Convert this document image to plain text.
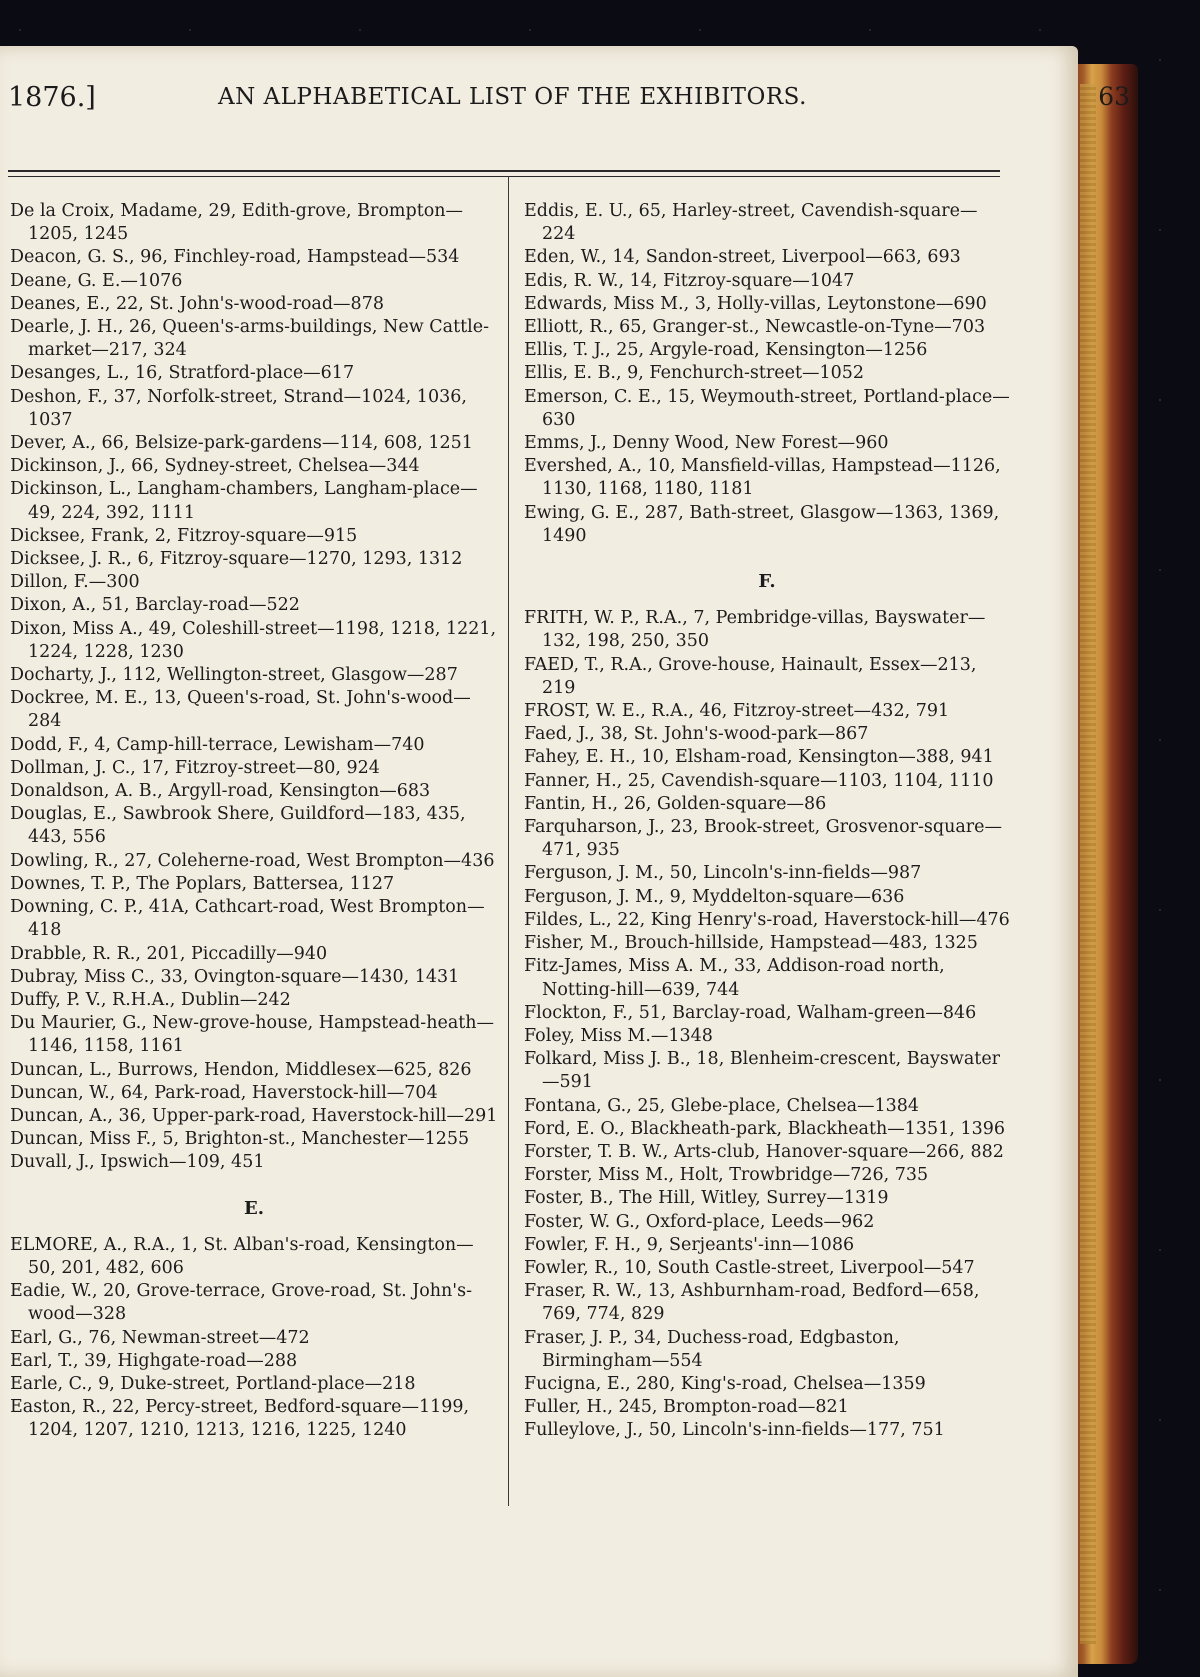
1876.]	AN ALPHABETICAL LIST OF THE EXHIBITORS.	63

De la Croix, Madame, 29, Edith-grove, Brompton—1205, 1245

Deacon, G. S., 96, Finchley-road, Hampstead—534

Deane, G. E.—1076

Deanes, E., 22, St. John's-wood-road—878

Dearle, J. H., 26, Queen's-arms-buildings, New Cattle-market—217, 324

Desanges, L., 16, Stratford-place—617

Deshon, F., 37, Norfolk-street, Strand—1024, 1036, 1037

Dever, A., 66, Belsize-park-gardens—114, 608, 1251

Dickinson, J., 66, Sydney-street, Chelsea—344

Dickinson, L., Langham-chambers, Langham-place—49, 224, 392, 1111

Dicksee, Frank, 2, Fitzroy-square—915

Dicksee, J. R., 6, Fitzroy-square—1270, 1293, 1312

Dillon, F.—300

Dixon, A., 51, Barclay-road—522

Dixon, Miss A., 49, Coleshill-street—1198, 1218, 1221, 1224, 1228, 1230

Docharty, J., 112, Wellington-street, Glasgow—287

Dockree, M. E., 13, Queen's-road, St. John's-wood—284

Dodd, F., 4, Camp-hill-terrace, Lewisham—740

Dollman, J. C., 17, Fitzroy-street—80, 924

Donaldson, A. B., Argyll-road, Kensington—683

Douglas, E., Sawbrook Shere, Guildford—183, 435, 443, 556

Dowling, R., 27, Coleherne-road, West Brompton—436

Downes, T. P., The Poplars, Battersea, 1127

Downing, C. P., 41A, Cathcart-road, West Brompton—418

Drabble, R. R., 201, Piccadilly—940

Dubray, Miss C., 33, Ovington-square—1430, 1431

Duffy, P. V., R.H.A., Dublin—242

Du Maurier, G., New-grove-house, Hampstead-heath—1146, 1158, 1161

Duncan, L., Burrows, Hendon, Middlesex—625, 826

Duncan, W., 64, Park-road, Haverstock-hill—704

Duncan, A., 36, Upper-park-road, Haverstock-hill—291

Duncan, Miss F., 5, Brighton-st., Manchester—1255

Duvall, J., Ipswich—109, 451

E.

ELMORE, A., R.A., 1, St. Alban's-road, Kensington—50, 201, 482, 606

Eadie, W., 20, Grove-terrace, Grove-road, St. John's-wood—328

Earl, G., 76, Newman-street—472

Earl, T., 39, Highgate-road—288

Earle, C., 9, Duke-street, Portland-place—218

Easton, R., 22, Percy-street, Bedford-square—1199, 1204, 1207, 1210, 1213, 1216, 1225, 1240

Eddis, E. U., 65, Harley-street, Cavendish-square—224

Eden, W., 14, Sandon-street, Liverpool—663, 693

Edis, R. W., 14, Fitzroy-square—1047

Edwards, Miss M., 3, Holly-villas, Leytonstone—690

Elliott, R., 65, Granger-st., Newcastle-on-Tyne—703

Ellis, T. J., 25, Argyle-road, Kensington—1256

Ellis, E. B., 9, Fenchurch-street—1052

Emerson, C. E., 15, Weymouth-street, Portland-place—630

Emms, J., Denny Wood, New Forest—960

Evershed, A., 10, Mansfield-villas, Hampstead—1126, 1130, 1168, 1180, 1181

Ewing, G. E., 287, Bath-street, Glasgow—1363, 1369, 1490

F.

FRITH, W. P., R.A., 7, Pembridge-villas, Bayswater—132, 198, 250, 350

FAED, T., R.A., Grove-house, Hainault, Essex—213, 219

FROST, W. E., R.A., 46, Fitzroy-street—432, 791

Faed, J., 38, St. John's-wood-park—867

Fahey, E. H., 10, Elsham-road, Kensington—388, 941

Fanner, H., 25, Cavendish-square—1103, 1104, 1110

Fantin, H., 26, Golden-square—86

Farquharson, J., 23, Brook-street, Grosvenor-square—471, 935

Ferguson, J. M., 50, Lincoln's-inn-fields—987

Ferguson, J. M., 9, Myddelton-square—636

Fildes, L., 22, King Henry's-road, Haverstock-hill—476

Fisher, M., Brouch-hillside, Hampstead—483, 1325

Fitz-James, Miss A. M., 33, Addison-road north, Notting-hill—639, 744

Flockton, F., 51, Barclay-road, Walham-green—846

Foley, Miss M.—1348

Folkard, Miss J. B., 18, Blenheim-crescent, Bayswater—591

Fontana, G., 25, Glebe-place, Chelsea—1384

Ford, E. O., Blackheath-park, Blackheath—1351, 1396

Forster, T. B. W., Arts-club, Hanover-square—266, 882

Forster, Miss M., Holt, Trowbridge—726, 735

Foster, B., The Hill, Witley, Surrey—1319

Foster, W. G., Oxford-place, Leeds—962

Fowler, F. H., 9, Serjeants'-inn—1086

Fowler, R., 10, South Castle-street, Liverpool—547

Fraser, R. W., 13, Ashburnham-road, Bedford—658, 769, 774, 829

Fraser, J. P., 34, Duchess-road, Edgbaston, Birmingham—554

Fucigna, E., 280, King's-road, Chelsea—1359

Fuller, H., 245, Brompton-road—821

Fulleylove, J., 50, Lincoln's-inn-fields—177, 751
